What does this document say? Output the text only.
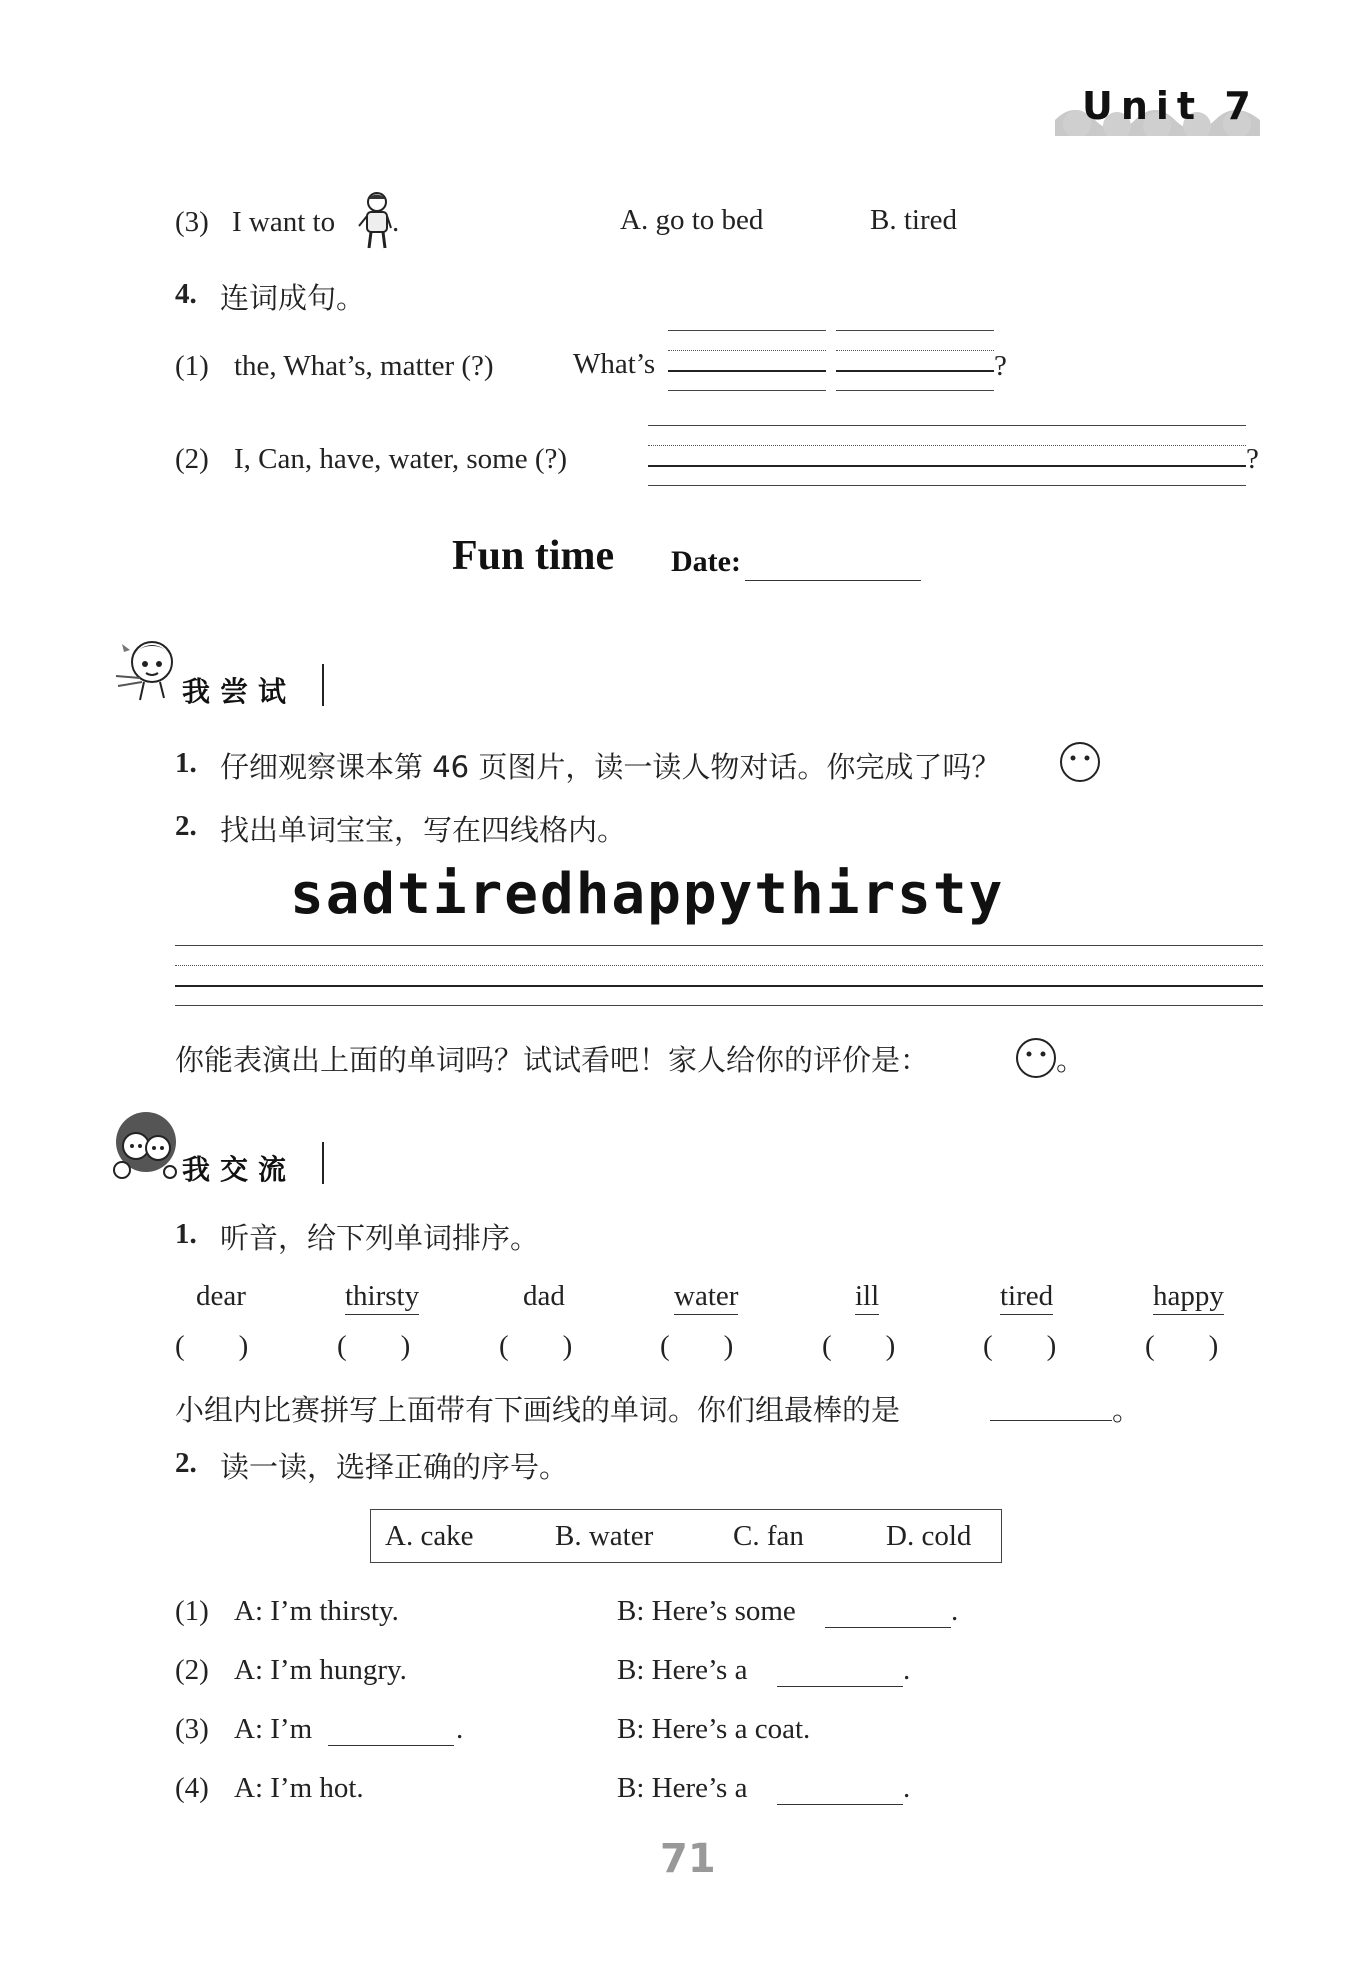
Unit 7
(3) I want to .	A. go to bed	B. tired
4. 连词成句。
(1) the, What’s, matter (?)	What’s	?
(2) I, Can, have, water, some (?)	?
Fun time Date:
我尝试
1. 仔细观察课本第 46 页图片，读一读人物对话。你完成了吗？
2. 找出单词宝宝，写在四线格内。
sadtiredhappythirsty
你能表演出上面的单词吗？试试看吧！家人给你的评价是：	。
我交流
1. 听音，给下列单词排序。
dear	thirsty	dad	water	ill	tired	happy
( )	( )	( )	( )	( )	( )	( )
小组内比赛拼写上面带有下画线的单词。你们组最棒的是	。
2. 读一读，选择正确的序号。
A. cake	B. water	C. fan	D. cold
(1) A: I’m thirsty.	B: Here’s some	.
(2) A: I’m hungry.	B: Here’s a	.
(3) A: I’m	.	B: Here’s a coat.
(4) A: I’m hot.	B: Here’s a	.
71
